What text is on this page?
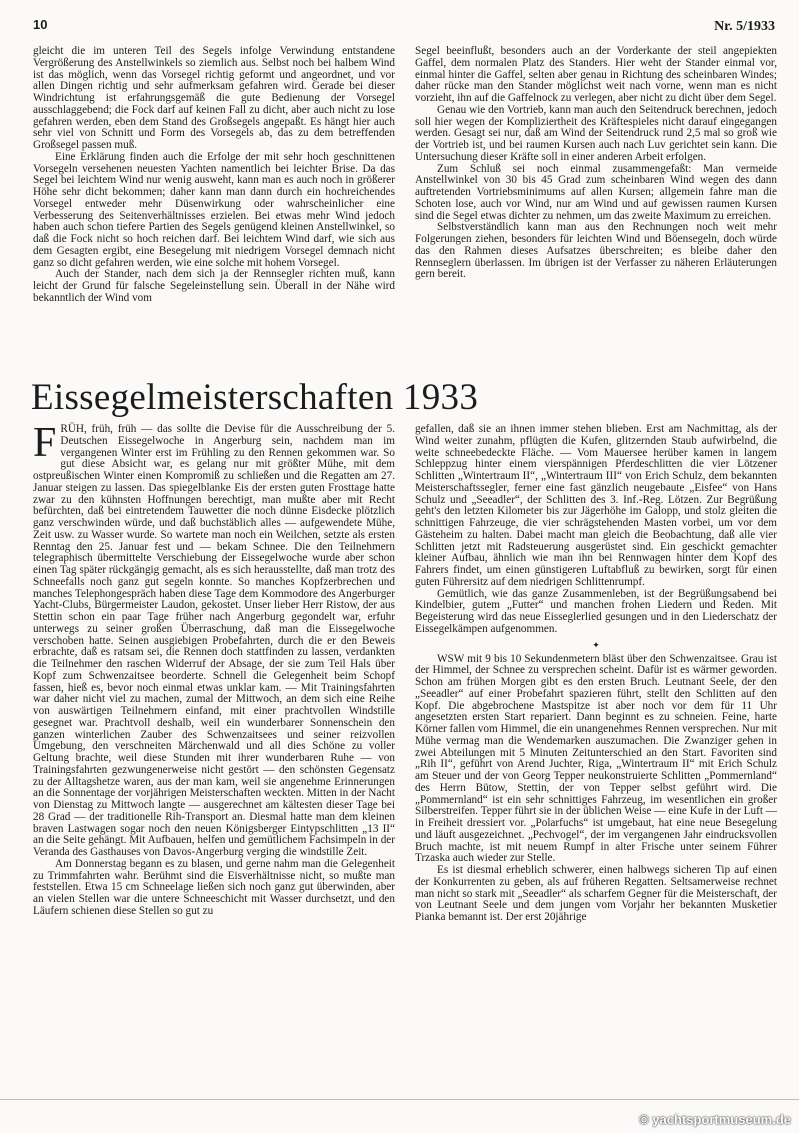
10	Nr. 5/1933

gleicht die im unteren Teil des Segels infolge Verwindung entstandene Vergrößerung des Anstellwinkels so ziemlich aus. Selbst noch bei halbem Wind ist das möglich, wenn das Vorsegel richtig geformt und angeordnet, und vor allen Dingen richtig und sehr aufmerksam gefahren wird. Gerade bei dieser Windrichtung ist erfahrungsgemäß die gute Bedienung der Vorsegel ausschlaggebend; die Fock darf auf keinen Fall zu dicht, aber auch nicht zu lose gefahren werden, eben dem Stand des Großsegels angepaßt. Es hängt hier auch sehr viel von Schnitt und Form des Vorsegels ab, das zu dem betreffenden Großsegel passen muß.

Eine Erklärung finden auch die Erfolge der mit sehr hoch geschnittenen Vorsegeln versehenen neuesten Yachten namentlich bei leichter Brise. Da das Segel bei leichtem Wind nur wenig ausweht, kann man es auch noch in größerer Höhe sehr dicht bekommen; daher kann man dann durch ein hochreichendes Vorsegel entweder mehr Düsenwirkung oder wahrscheinlicher eine Verbesserung des Seitenverhältnisses erzielen. Bei etwas mehr Wind jedoch haben auch schon tiefere Partien des Segels genügend kleinen Anstellwinkel, so daß die Fock nicht so hoch reichen darf. Bei leichtem Wind darf, wie sich aus dem Gesagten ergibt, eine Besegelung mit niedrigem Vorsegel demnach nicht ganz so dicht gefahren werden, wie eine solche mit hohem Vorsegel.

Auch der Stander, nach dem sich ja der Rennsegler richten muß, kann leicht der Grund für falsche Segeleinstellung sein. Überall in der Nähe wird bekanntlich der Wind vom

Segel beeinflußt, besonders auch an der Vorderkante der steil angepiekten Gaffel, dem normalen Platz des Standers. Hier weht der Stander einmal vor, einmal hinter die Gaffel, selten aber genau in Richtung des scheinbaren Windes; daher rücke man den Stander möglichst weit nach vorne, wenn man es nicht vorzieht, ihn auf die Gaffelnock zu verlegen, aber nicht zu dicht über dem Segel.

Genau wie den Vortrieb, kann man auch den Seitendruck berechnen, jedoch soll hier wegen der Kompliziertheit des Kräftespieles nicht darauf eingegangen werden. Gesagt sei nur, daß am Wind der Seitendruck rund 2,5 mal so groß wie der Vortrieb ist, und bei raumen Kursen auch nach Luv gerichtet sein kann. Die Untersuchung dieser Kräfte soll in einer anderen Arbeit erfolgen.

Zum Schluß sei noch einmal zusammengefaßt: Man vermeide Anstellwinkel von 30 bis 45 Grad zum scheinbaren Wind wegen des dann auftretenden Vortriebsminimums auf allen Kursen; allgemein fahre man die Schoten lose, auch vor Wind, nur am Wind und auf gewissen raumen Kursen sind die Segel etwas dichter zu nehmen, um das zweite Maximum zu erreichen.

Selbstverständlich kann man aus den Rechnungen noch weit mehr Folgerungen ziehen, besonders für leichten Wind und Böensegeln, doch würde das den Rahmen dieses Aufsatzes überschreiten; es bleibe daher den Rennseglern überlassen. Im übrigen ist der Verfasser zu näheren Erläuterungen gern bereit.

Eissegelmeisterschaften 1933

FRÜH, früh, früh — das sollte die Devise für die Ausschreibung der 5. Deutschen Eissegelwoche in Angerburg sein, nachdem man im vergangenen Winter erst im Frühling zu den Rennen gekommen war. So gut diese Absicht war, es gelang nur mit größter Mühe, mit dem ostpreußischen Winter einen Kompromiß zu schließen und die Regatten am 27. Januar steigen zu lassen. Das spiegelblanke Eis der ersten guten Frosttage hatte zwar zu den kühnsten Hoffnungen berechtigt, man mußte aber mit Recht befürchten, daß bei eintretendem Tauwetter die noch dünne Eisdecke plötzlich ganz verschwinden würde, und daß buchstäblich alles — aufgewendete Mühe, Zeit usw. zu Wasser wurde. So wartete man noch ein Weilchen, setzte als ersten Renntag den 25. Januar fest und — bekam Schnee. Die den Teilnehmern telegraphisch übermittelte Verschiebung der Eissegelwoche wurde aber schon einen Tag später rückgängig gemacht, als es sich herausstellte, daß man trotz des Schneefalls noch ganz gut segeln konnte. So manches Kopfzerbrechen und manches Telephongespräch haben diese Tage dem Kommodore des Angerburger Yacht-Clubs, Bürgermeister Laudon, gekostet. Unser lieber Herr Ristow, der aus Stettin schon ein paar Tage früher nach Angerburg gegondelt war, erfuhr unterwegs zu seiner großen Überraschung, daß man die Eissegelwoche verschoben hatte. Seinen ausgiebigen Probefahrten, durch die er den Beweis erbrachte, daß es ratsam sei, die Rennen doch stattfinden zu lassen, verdankten die Teilnehmer den raschen Widerruf der Absage, der sie zum Teil Hals über Kopf zum Schwenzaitsee beorderte. Schnell die Gelegenheit beim Schopf fassen, hieß es, bevor noch einmal etwas unklar kam. — Mit Trainingsfahrten war daher nicht viel zu machen, zumal der Mittwoch, an dem sich eine Reihe von auswärtigen Teilnehmern einfand, mit einer prachtvollen Windstille gesegnet war. Prachtvoll deshalb, weil ein wunderbarer Sonnenschein den ganzen winterlichen Zauber des Schwenzaitsees und seiner reizvollen Umgebung, den verschneiten Märchenwald und all dies Schöne zu voller Geltung brachte, weil diese Stunden mit ihrer wunderbaren Ruhe — von Trainingsfahrten gezwungenerweise nicht gestört — den schönsten Gegensatz zu der Alltagshetze waren, aus der man kam, weil sie angenehme Erinnerungen an die Sonnentage der vorjährigen Meisterschaften weckten. Mitten in der Nacht von Dienstag zu Mittwoch langte — ausgerechnet am kältesten dieser Tage bei 28 Grad — der traditionelle Rih-Transport an. Diesmal hatte man dem kleinen braven Lastwagen sogar noch den neuen Königsberger Eintypschlitten „13 II“ an die Seite gehängt. Mit Aufbauen, helfen und gemütlichem Fachsimpeln in der Veranda des Gasthauses von Davos-Angerburg verging die windstille Zeit.

Am Donnerstag begann es zu blasen, und gerne nahm man die Gelegenheit zu Trimmfahrten wahr. Berühmt sind die Eisverhältnisse nicht, so mußte man feststellen. Etwa 15 cm Schneelage ließen sich noch ganz gut überwinden, aber an vielen Stellen war die untere Schneeschicht mit Wasser durchsetzt, und den Läufern schienen diese Stellen so gut zu

gefallen, daß sie an ihnen immer stehen blieben. Erst am Nachmittag, als der Wind weiter zunahm, pflügten die Kufen, glitzernden Staub aufwirbelnd, die weite schneebedeckte Fläche. — Vom Mauersee herüber kamen in langem Schleppzug hinter einem vierspännigen Pferdeschlitten die vier Lötzener Schlitten „Wintertraum II“, „Wintertraum III“ von Erich Schulz, dem bekannten Meisterschaftssegler, ferner eine fast gänzlich neugebaute „Eisfee“ von Hans Schulz und „Seeadler“, der Schlitten des 3. Inf.-Reg. Lötzen. Zur Begrüßung geht's den letzten Kilometer bis zur Jägerhöhe im Galopp, und stolz gleiten die schnittigen Fahrzeuge, die vier schrägstehenden Masten vorbei, um vor dem Gästeheim zu halten. Dabei macht man gleich die Beobachtung, daß alle vier Schlitten jetzt mit Radsteuerung ausgerüstet sind. Ein geschickt gemachter kleiner Aufbau, ähnlich wie man ihn bei Rennwagen hinter dem Kopf des Fahrers findet, um einen günstigeren Luftabfluß zu bewirken, sorgt für einen guten Führersitz auf dem niedrigen Schlittenrumpf.

Gemütlich, wie das ganze Zusammenleben, ist der Begrüßungsabend bei Kindelbier, gutem „Futter“ und manchen frohen Liedern und Reden. Mit Begeisterung wird das neue Eisseglerlied gesungen und in den Liederschatz der Eissegelkämpen aufgenommen.

✦

WSW mit 9 bis 10 Sekundenmetern bläst über den Schwenzaitsee. Grau ist der Himmel, der Schnee zu versprechen scheint. Dafür ist es wärmer geworden. Schon am frühen Morgen gibt es den ersten Bruch. Leutnant Seele, der den „Seeadler“ auf einer Probefahrt spazieren führt, stellt den Schlitten auf den Kopf. Die abgebrochene Mastspitze ist aber noch vor dem für 11 Uhr angesetzten ersten Start repariert. Dann beginnt es zu schneien. Feine, harte Körner fallen vom Himmel, die ein unangenehmes Rennen versprechen. Nur mit Mühe vermag man die Wendemarken auszumachen. Die Zwanziger gehen in zwei Abteilungen mit 5 Minuten Zeitunterschied an den Start. Favoriten sind „Rih II“, geführt von Arend Juchter, Riga, „Wintertraum II“ mit Erich Schulz am Steuer und der von Georg Tepper neukonstruierte Schlitten „Pommernland“ des Herrn Bütow, Stettin, der von Tepper selbst geführt wird. Die „Pommernland“ ist ein sehr schnittiges Fahrzeug, im wesentlichen ein großer Silberstreifen. Tepper führt sie in der üblichen Weise — eine Kufe in der Luft — in Freiheit dressiert vor. „Polarfuchs“ ist umgebaut, hat eine neue Besegelung und läuft ausgezeichnet. „Pechvogel“, der im vergangenen Jahr eindrucksvollen Bruch machte, ist mit neuem Rumpf in alter Frische unter seinem Führer Trzaska auch wieder zur Stelle.

Es ist diesmal erheblich schwerer, einen halbwegs sicheren Tip auf einen der Konkurrenten zu geben, als auf früheren Regatten. Seltsamerweise rechnet man nicht so stark mit „Seeadler“ als scharfem Gegner für die Meisterschaft, der von Leutnant Seele und dem jungen vom Vorjahr her bekannten Musketier Pianka bemannt ist. Der erst 20jährige

© yachtsportmuseum.de
